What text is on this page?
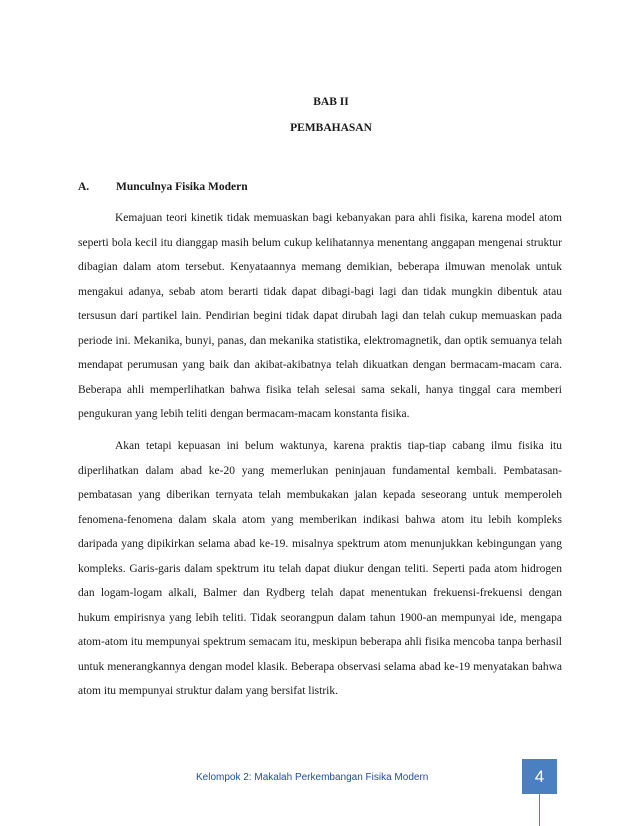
BAB II
PEMBAHASAN
A. Munculnya Fisika Modern

Kemajuan teori kinetik tidak memuaskan bagi kebanyakan para ahli fisika, karena model atom seperti bola kecil itu dianggap masih belum cukup kelihatannya menentang anggapan mengenai struktur dibagian dalam atom tersebut. Kenyataannya memang demikian, beberapa ilmuwan menolak untuk mengakui adanya, sebab atom berarti tidak dapat dibagi-bagi lagi dan tidak mungkin dibentuk atau tersusun dari partikel lain. Pendirian begini tidak dapat dirubah lagi dan telah cukup memuaskan pada periode ini. Mekanika, bunyi, panas, dan mekanika statistika, elektromagnetik, dan optik semuanya telah mendapat perumusan yang baik dan akibat-akibatnya telah dikuatkan dengan bermacam-macam cara. Beberapa ahli memperlihatkan bahwa fisika telah selesai sama sekali, hanya tinggal cara memberi pengukuran yang lebih teliti dengan bermacam-macam konstanta fisika.

Akan tetapi kepuasan ini belum waktunya, karena praktis tiap-tiap cabang ilmu fisika itu diperlihatkan dalam abad ke-20 yang memerlukan peninjauan fundamental kembali. Pembatasan-pembatasan yang diberikan ternyata telah membukakan jalan kepada seseorang untuk memperoleh fenomena-fenomena dalam skala atom yang memberikan indikasi bahwa atom itu lebih kompleks daripada yang dipikirkan selama abad ke-19. misalnya spektrum atom menunjukkan kebingungan yang kompleks. Garis-garis dalam spektrum itu telah dapat diukur dengan teliti. Seperti pada atom hidrogen dan logam-logam alkali, Balmer dan Rydberg telah dapat menentukan frekuensi-frekuensi dengan hukum empirisnya yang lebih teliti. Tidak seorangpun dalam tahun 1900-an mempunyai ide, mengapa atom-atom itu mempunyai spektrum semacam itu, meskipun beberapa ahli fisika mencoba tanpa berhasil untuk menerangkannya dengan model klasik. Beberapa observasi selama abad ke-19 menyatakan bahwa atom itu mempunyai struktur dalam yang bersifat listrik.

Kelompok 2: Makalah Perkembangan Fisika Modern	4
